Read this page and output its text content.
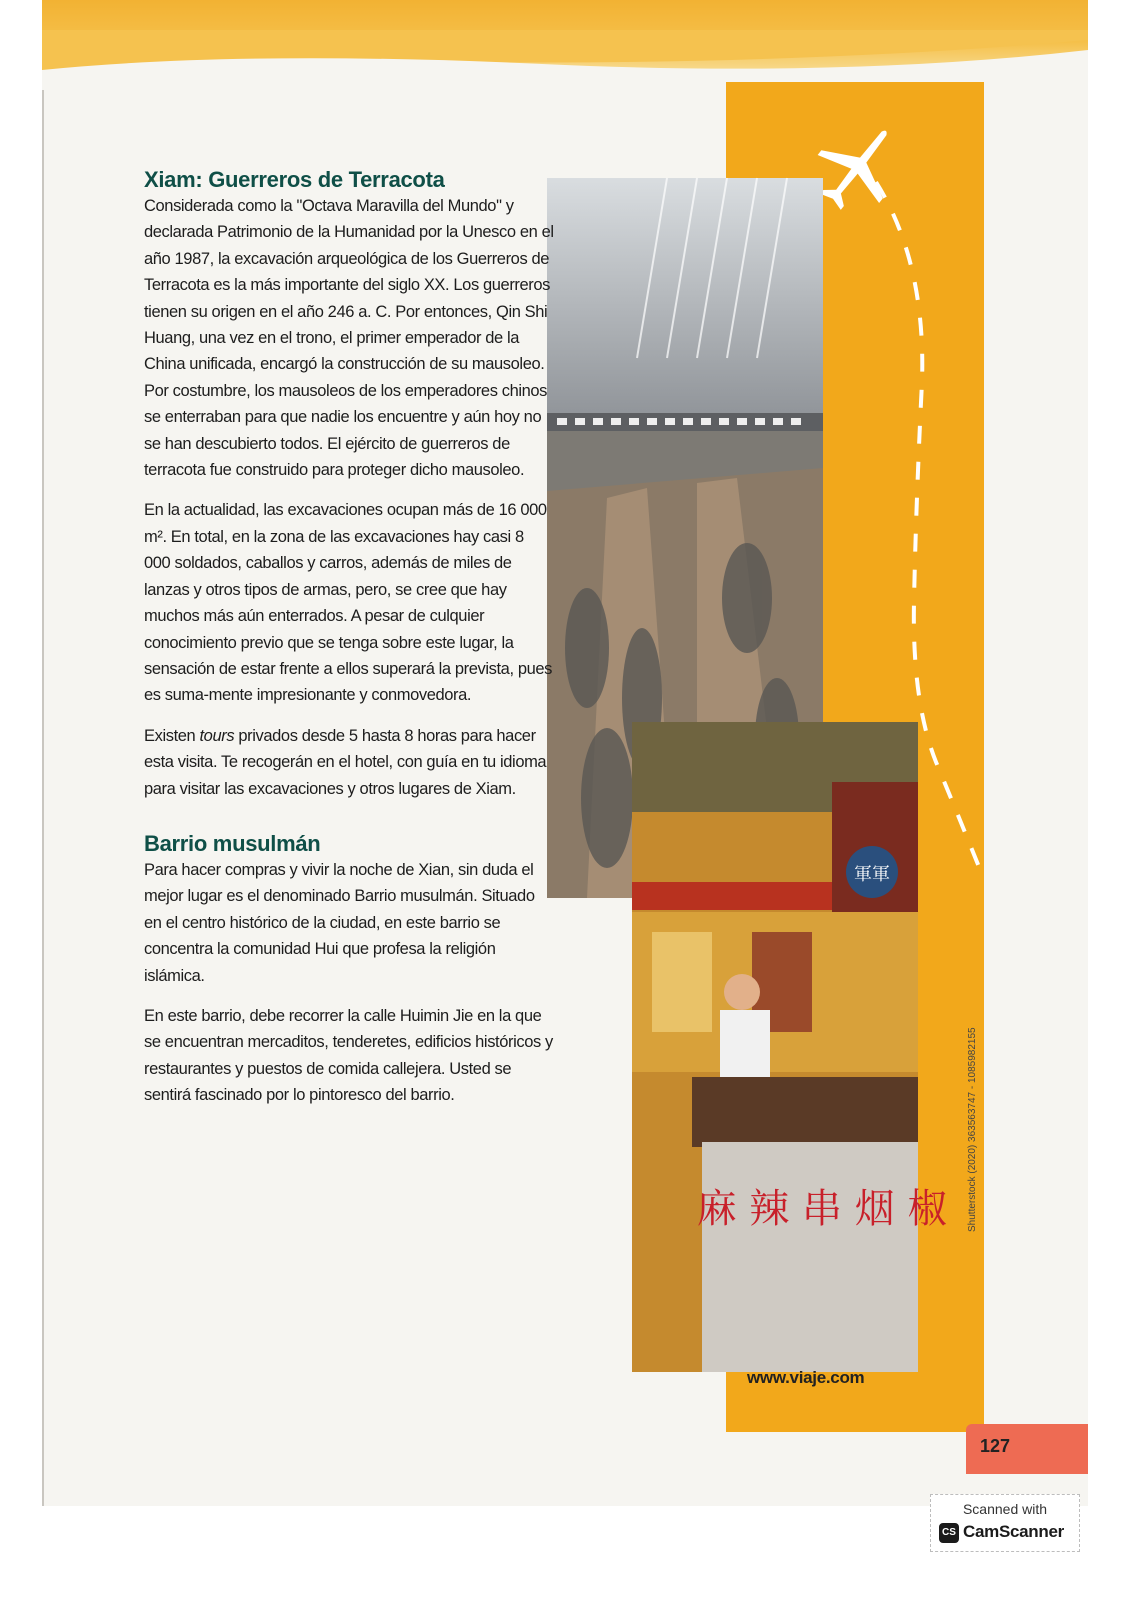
軍軍
麻 辣 串 烟 椒
Xiam: Guerreros de Terracota

Considerada como la "Octava Maravilla del Mundo" y declarada Patrimonio de la Humanidad por la Unesco en el año 1987, la excavación arqueológica de los Guerreros de Terracota es la más importante del siglo XX. Los guerreros tienen su origen en el año 246 a. C. Por entonces, Qin Shi Huang, una vez en el trono, el primer emperador de la China unificada, encargó la construcción de su mausoleo. Por costumbre, los mausoleos de los emperadores chinos se enterraban para que nadie los encuentre y aún hoy no se han descubierto todos. El ejército de guerreros de terracota fue construido para proteger dicho mausoleo.

En la actualidad, las excavaciones ocupan más de 16 000 m². En total, en la zona de las excavaciones hay casi 8 000 soldados, caballos y carros, además de miles de lanzas y otros tipos de armas, pero, se cree que hay muchos más aún enterrados. A pesar de culquier conocimiento previo que se tenga sobre este lugar, la sensación de estar frente a ellos superará la prevista, pues es suma-mente impresionante y conmovedora.

Existen tours privados desde 5 hasta 8 horas para hacer esta visita. Te recogerán en el hotel, con guía en tu idioma para visitar las excavaciones y otros lugares de Xiam.

Barrio musulmán

Para hacer compras y vivir la noche de Xian, sin duda el mejor lugar es el denominado Barrio musulmán. Situado en el centro histórico de la ciudad, en este barrio se concentra la comunidad Hui que profesa la religión islámica.

En este barrio, debe recorrer la calle Huimin Jie en la que se encuentran mercaditos, tenderetes, edificios históricos y restaurantes y puestos de comida callejera. Usted se sentirá fascinado por lo pintoresco del barrio.

www.viaje.com
127
Scanned with
CS CamScanner
